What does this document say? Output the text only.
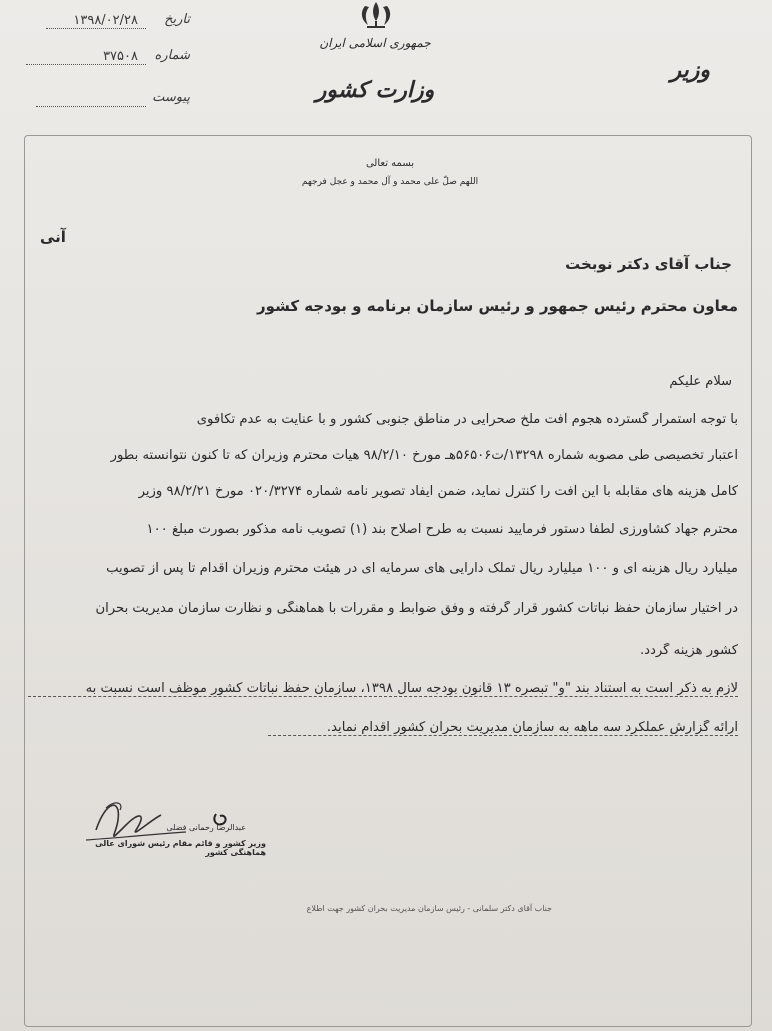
تاریخ
۱۳۹۸/۰۲/۲۸
شماره
۳۷۵۰۸
پیوست
جمهوری اسلامی ایران
وزارت کشور
وزیر
بسمه تعالی
اللهم صلّ علی محمد و آل محمد و عجل فرجهم
آنی
جناب آقای دکتر نوبخت
معاون محترم رئیس جمهور و رئیس سازمان برنامه و بودجه کشور
سلام علیکم
با توجه استمرار گسترده هجوم آفت ملخ صحرایی در مناطق جنوبی کشور و با عنایت به عدم تکافوی
اعتبار تخصیصی طی مصوبه شماره ۱۳۲۹۸/ت۵۶۵۰۶هـ مورخ ۹۸/۲/۱۰ هیات محترم وزیران که تا کنون نتوانسته بطور
کامل هزینه های مقابله با این آفت را کنترل نماید، ضمن ایفاد تصویر نامه شماره ۰۲۰/۳۲۷۴ مورخ ۹۸/۲/۲۱ وزیر
محترم جهاد کشاورزی لطفاً دستور فرمایید نسبت به طرح اصلاح بند (۱) تصویب نامه مذکور بصورت مبلغ ۱۰۰
میلیارد ریال هزینه ای و ۱۰۰ میلیارد ریال تملک دارایی های سرمایه ای در هیئت محترم وزیران اقدام تا پس از تصویب
در اختیار سازمان حفظ نباتات کشور قرار گرفته و وفق ضوابط و مقررات با هماهنگی و نظارت سازمان مدیریت بحران
کشور هزینه گردد.
لازم به ذکر است به استناد بند "و" تبصره ۱۳ قانون بودجه سال ۱۳۹۸، سازمان حفظ نباتات کشور موظف است نسبت به
ارائه گزارش عملکرد سه ماهه به سازمان مدیریت بحران کشور اقدام نماید.
عبدالرضا رحمانی فضلی
وزیر کشور و قائم مقام رئیس شورای عالی هماهنگی کشور
جناب آقای دکتر سلمانی - رئیس سازمان مدیریت بحران کشور جهت اطلاع
